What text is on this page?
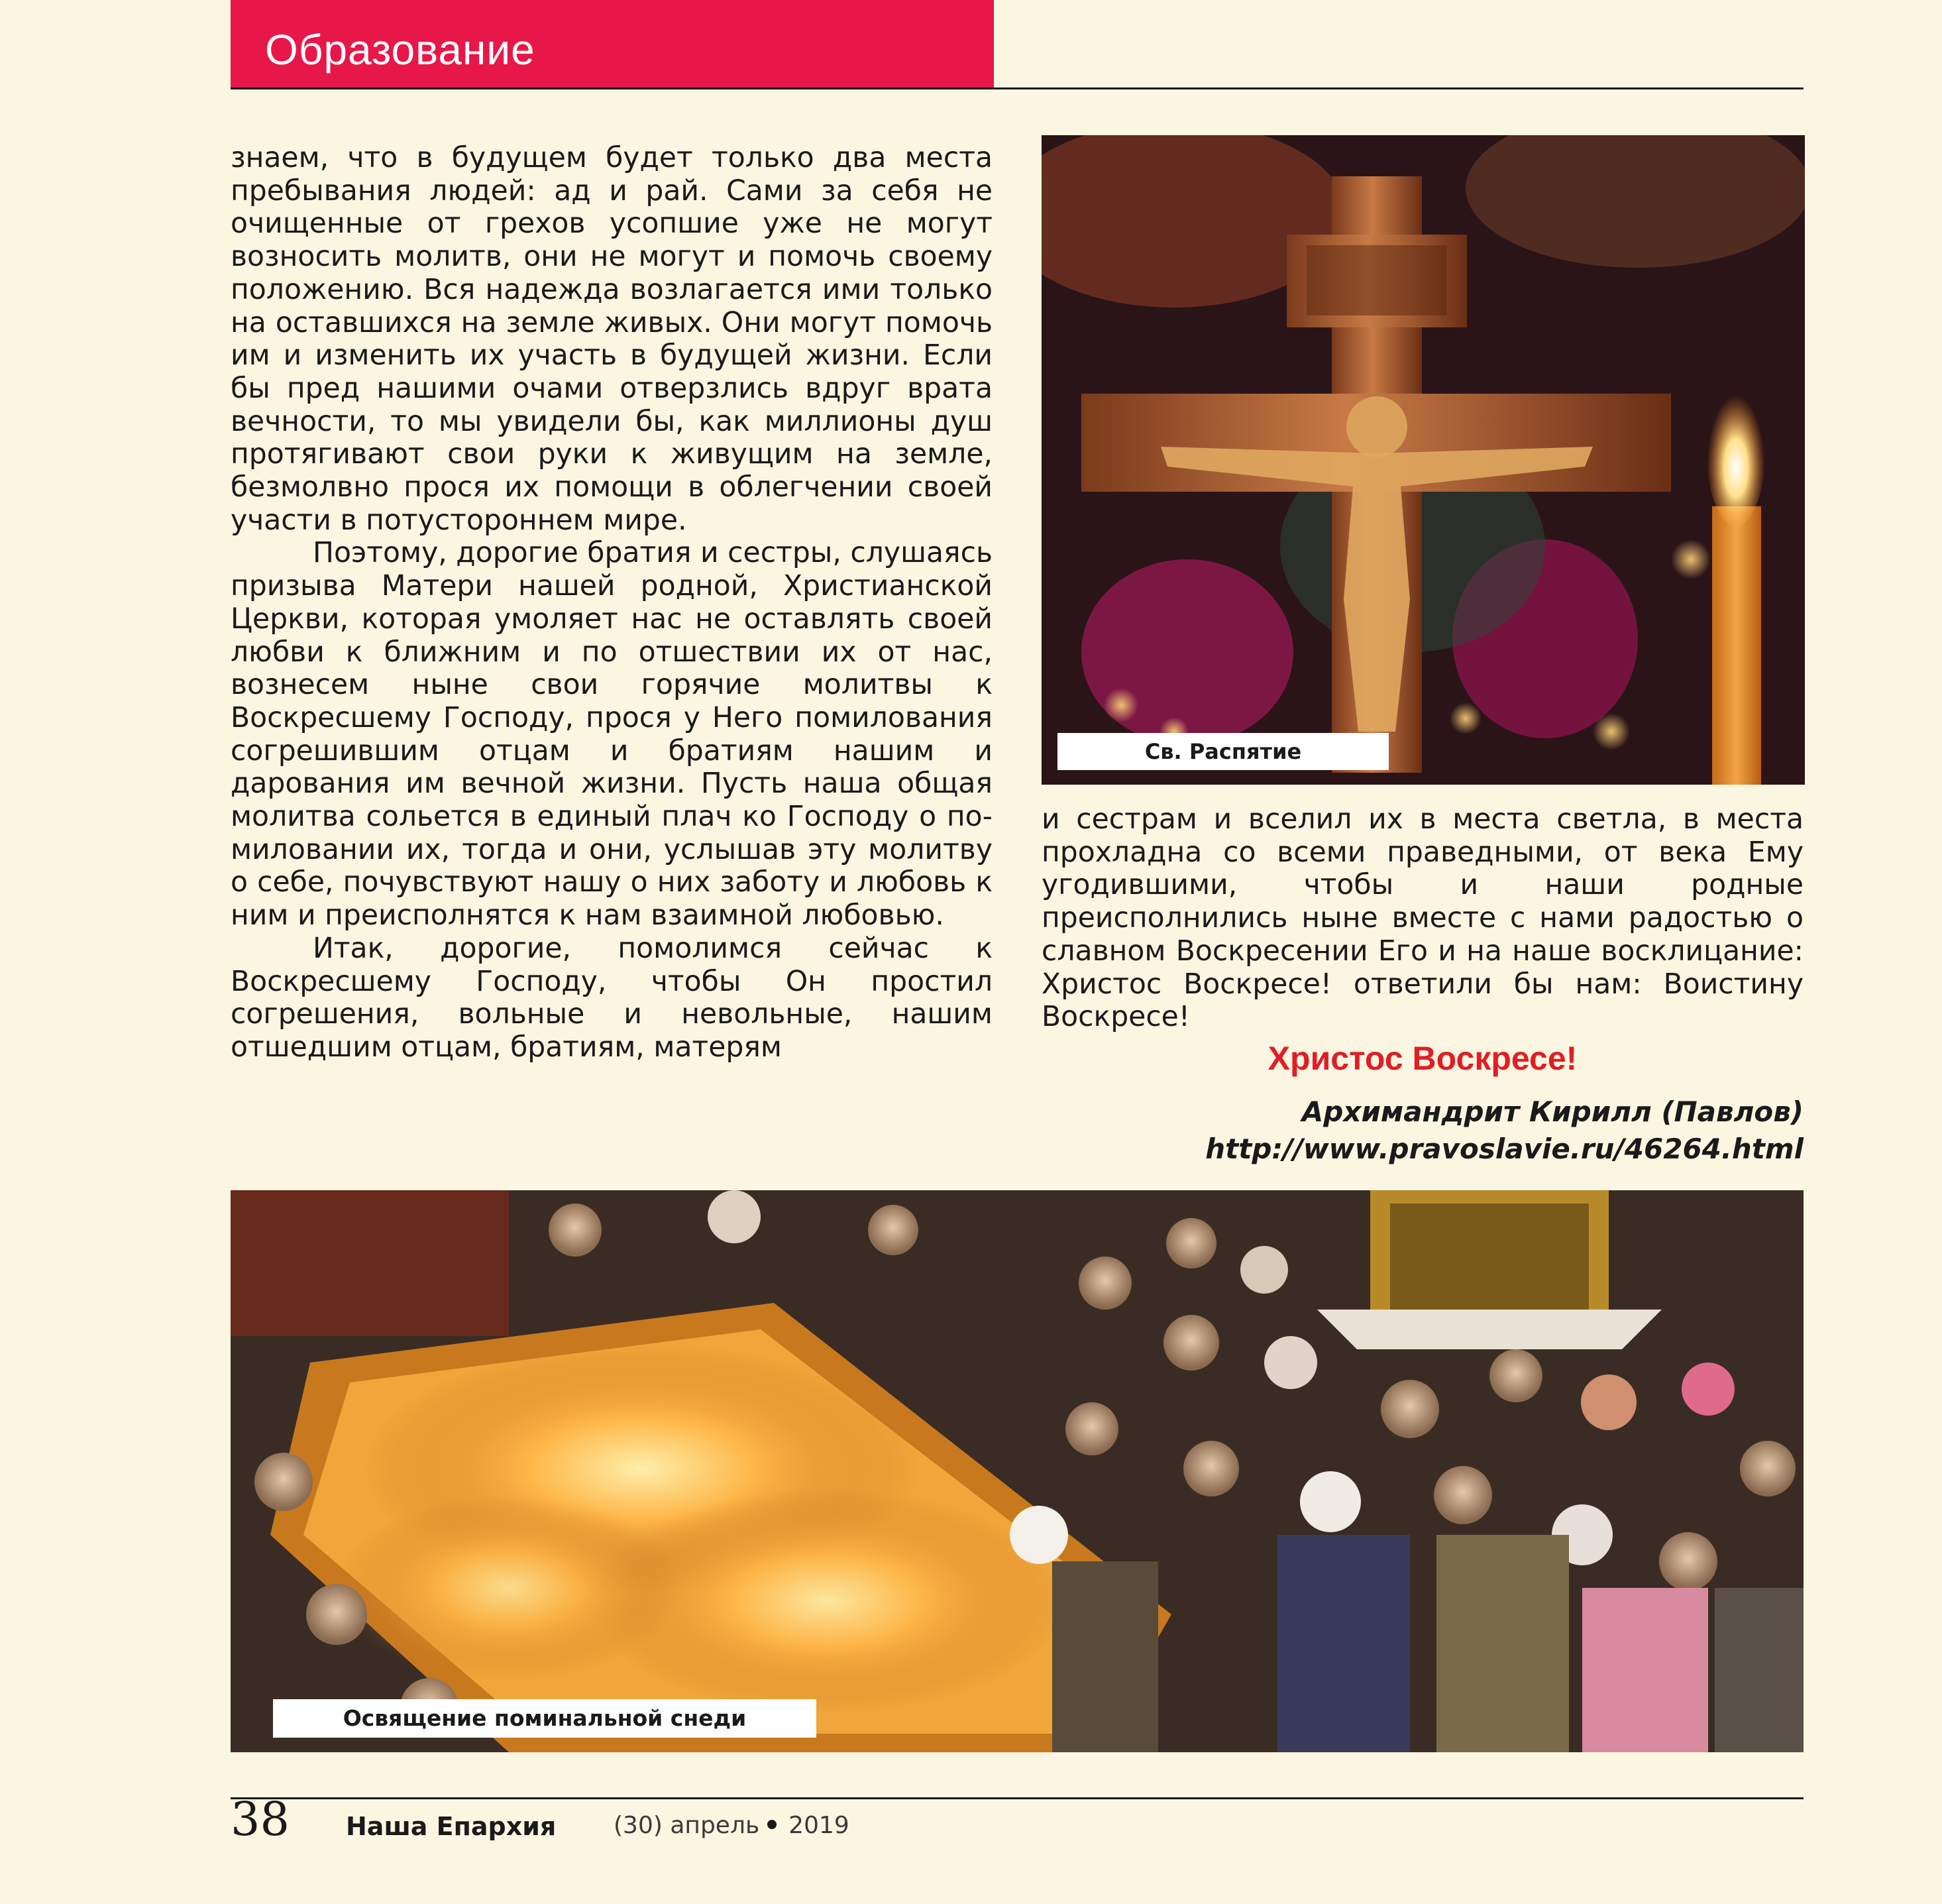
Образование

знаем, что в будущем будет только два места пребывания людей: ад и рай. Сами за себя не очищенные от грехов усопшие уже не могут возносить молитв, они не могут и помочь своему положению. Вся надежда возлагается ими только на оставшихся на земле живых. Они могут помочь им и изменить их участь в будущей жизни. Если бы пред нашими очами отверзлись вдруг врата вечности, то мы увидели бы, как миллионы душ протягивают свои руки к живущим на земле, безмолвно прося их помощи в облегчении своей участи в потустороннем мире.

Поэтому, дорогие братия и сестры, слушаясь призыва Матери нашей родной, Христианской Церкви, которая умоляет нас не оставлять своей любви к ближним и по отшествии их от нас, вознесем ныне свои горячие молитвы к Воскресшему Господу, прося у Него помилования согрешившим отцам и братиям нашим и дарования им вечной жизни. Пусть наша общая молитва сольется в единый плач ко Господу о помиловании их, тогда и они, услышав эту молитву о себе, почувствуют нашу о них заботу и любовь к ним и преисполнятся к нам взаимной любовью.

Итак, дорогие, помолимся сейчас к Воскресшему Господу, чтобы Он простил согрешения, вольные и невольные, нашим отшедшим отцам, братиям, матерям

Св. Распятие

и сестрам и вселил их в места светла, в места прохладна со всеми праведными, от века Ему угодившими, чтобы и наши родные преисполнились ныне вместе с нами радостью о славном Воскресении Его и на наше восклицание: Христос Воскресе! ответили бы нам: Воистину Воскресе!

Христос Воскресе!
Архимандрит Кирилл (Павлов)
http://www.pravoslavie.ru/46264.html
Освящение поминальной снеди
38 Наша Епархия (30) апрель 2019
